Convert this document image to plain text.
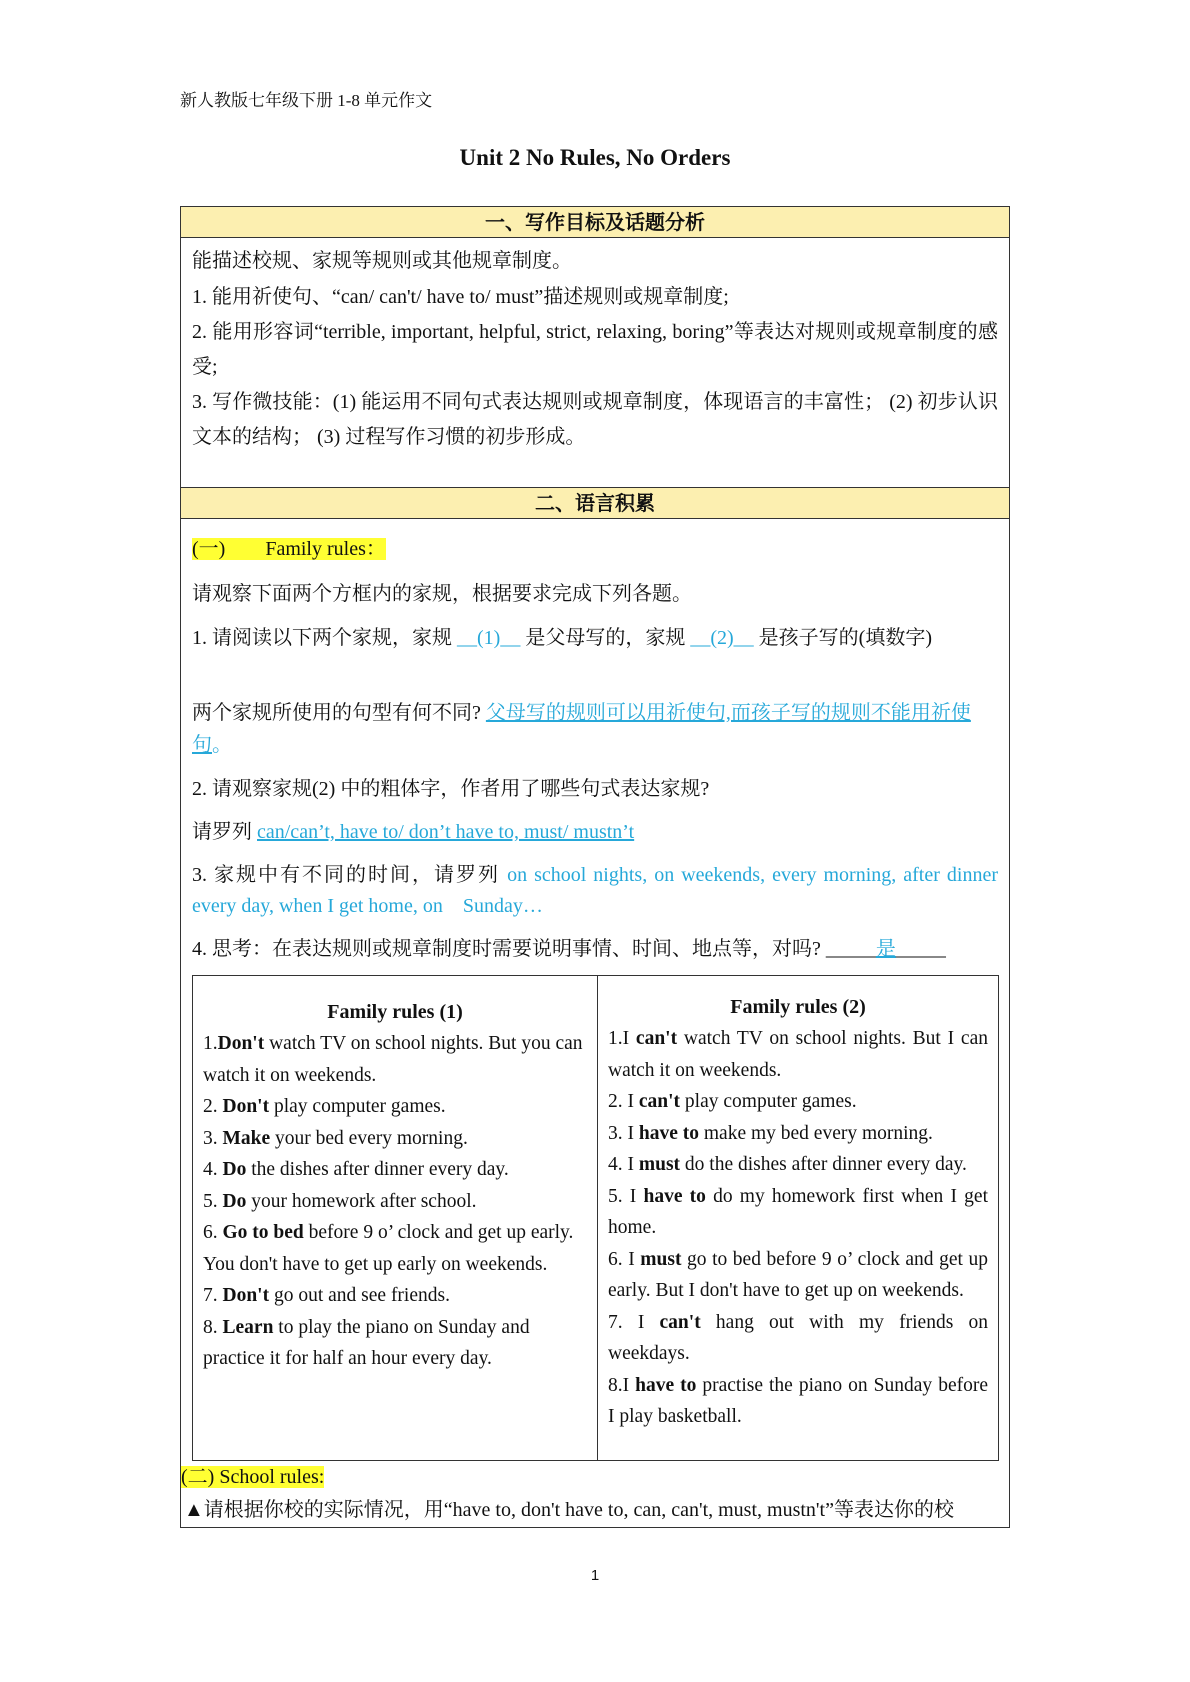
新人教版七年级下册 1-8 单元作文
Unit 2 No Rules, No Orders
一、写作目标及话题分析
能描述校规、家规等规则或其他规章制度。
1. 能用祈使句、“can/ can't/ have to/ must”描述规则或规章制度;
2. 能用形容词“terrible, important, helpful, strict, relaxing, boring”等表达对规则或规章制度的感受;
3. 写作微技能：(1) 能运用不同句式表达规则或规章制度，体现语言的丰富性； (2) 初步认识文本的结构； (3) 过程写作习惯的初步形成。
二、语言积累
(一)　　Family rules：
请观察下面两个方框内的家规，根据要求完成下列各题。
1. 请阅读以下两个家规，家规 __(1)__ 是父母写的，家规 __(2)__ 是孩子写的(填数字)
两个家规所使用的句型有何不同? 父母写的规则可以用祈使句,而孩子写的规则不能用祈使句。
2. 请观察家规(2) 中的粗体字，作者用了哪些句式表达家规?
请罗列 can/can’t, have to/ don’t have to, must/ mustn’t
3. 家规中有不同的时间，请罗列 on school nights, on weekends, every morning, after dinner every day, when I get home, on　Sunday…
4. 思考：在表达规则或规章制度时需要说明事情、时间、地点等，对吗? _____是_____
Family rules (1)
1.Don't watch TV on school nights. But you can watch it on weekends.
2. Don't play computer games.
3. Make your bed every morning.
4. Do the dishes after dinner every day.
5. Do your homework after school.
6. Go to bed before 9 o’ clock and get up early. You don't have to get up early on weekends.
7. Don't go out and see friends.
8. Learn to play the piano on Sunday and practice it for half an hour every day.
Family rules (2)
1.I can't watch TV on school nights. But I can watch it on weekends.
2. I can't play computer games.
3. I have to make my bed every morning.
4. I must do the dishes after dinner every day.
5. I have to do my homework first when I get home.
6. I must go to bed before 9 o’ clock and get up early. But I don't have to get up on weekends.
7. I can't hang out with my friends on weekdays.
8.I have to practise the piano on Sunday before I play basketball.
(二) School rules:
▲请根据你校的实际情况，用“have to, don't have to, can, can't, must, mustn't”等表达你的校
1
